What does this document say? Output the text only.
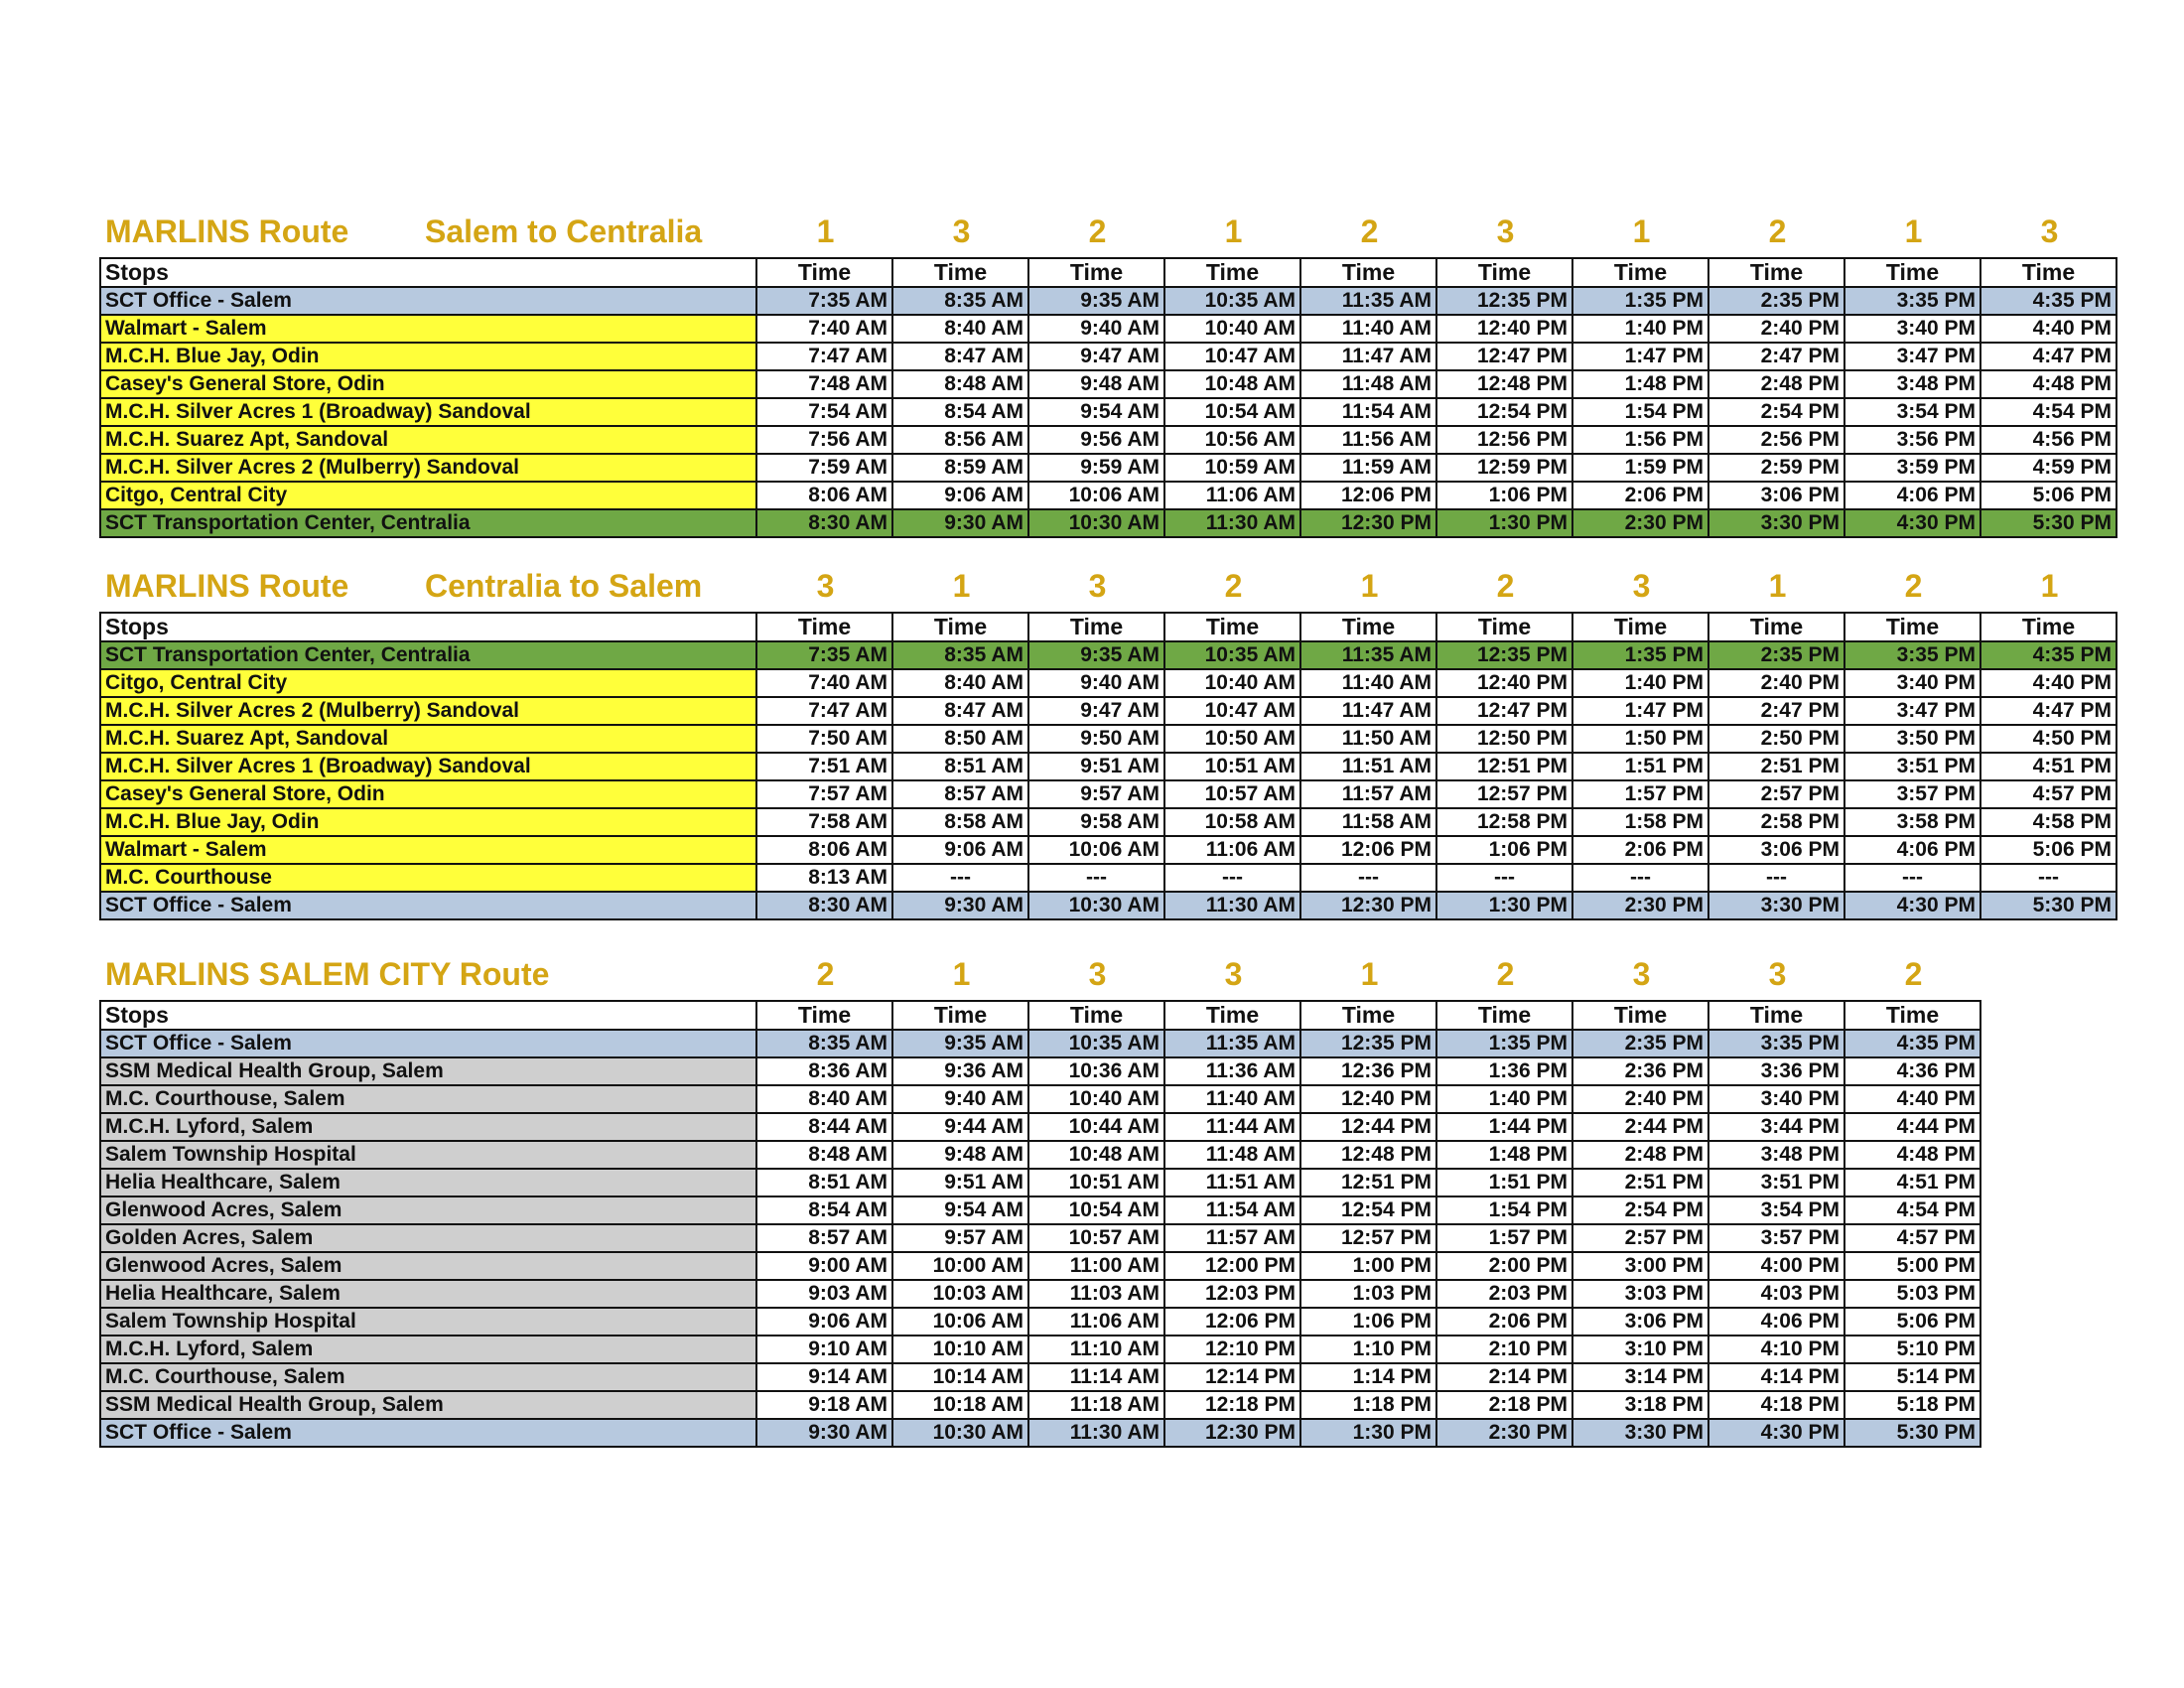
MARLINS Route Salem to Centralia	1	3	2	1	2	3	1	2	1	3
Stops	Time	Time	Time	Time	Time	Time	Time	Time	Time	Time
SCT Office - Salem	7:35 AM	8:35 AM	9:35 AM	10:35 AM	11:35 AM	12:35 PM	1:35 PM	2:35 PM	3:35 PM	4:35 PM
Walmart - Salem	7:40 AM	8:40 AM	9:40 AM	10:40 AM	11:40 AM	12:40 PM	1:40 PM	2:40 PM	3:40 PM	4:40 PM
M.C.H. Blue Jay, Odin	7:47 AM	8:47 AM	9:47 AM	10:47 AM	11:47 AM	12:47 PM	1:47 PM	2:47 PM	3:47 PM	4:47 PM
Casey's General Store, Odin	7:48 AM	8:48 AM	9:48 AM	10:48 AM	11:48 AM	12:48 PM	1:48 PM	2:48 PM	3:48 PM	4:48 PM
M.C.H. Silver Acres 1 (Broadway) Sandoval	7:54 AM	8:54 AM	9:54 AM	10:54 AM	11:54 AM	12:54 PM	1:54 PM	2:54 PM	3:54 PM	4:54 PM
M.C.H. Suarez Apt, Sandoval	7:56 AM	8:56 AM	9:56 AM	10:56 AM	11:56 AM	12:56 PM	1:56 PM	2:56 PM	3:56 PM	4:56 PM
M.C.H. Silver Acres 2 (Mulberry) Sandoval	7:59 AM	8:59 AM	9:59 AM	10:59 AM	11:59 AM	12:59 PM	1:59 PM	2:59 PM	3:59 PM	4:59 PM
Citgo, Central City	8:06 AM	9:06 AM	10:06 AM	11:06 AM	12:06 PM	1:06 PM	2:06 PM	3:06 PM	4:06 PM	5:06 PM
SCT Transportation Center, Centralia	8:30 AM	9:30 AM	10:30 AM	11:30 AM	12:30 PM	1:30 PM	2:30 PM	3:30 PM	4:30 PM	5:30 PM
MARLINS Route Centralia to Salem	3	1	3	2	1	2	3	1	2	1
Stops	Time	Time	Time	Time	Time	Time	Time	Time	Time	Time
SCT Transportation Center, Centralia	7:35 AM	8:35 AM	9:35 AM	10:35 AM	11:35 AM	12:35 PM	1:35 PM	2:35 PM	3:35 PM	4:35 PM
Citgo, Central City	7:40 AM	8:40 AM	9:40 AM	10:40 AM	11:40 AM	12:40 PM	1:40 PM	2:40 PM	3:40 PM	4:40 PM
M.C.H. Silver Acres 2 (Mulberry) Sandoval	7:47 AM	8:47 AM	9:47 AM	10:47 AM	11:47 AM	12:47 PM	1:47 PM	2:47 PM	3:47 PM	4:47 PM
M.C.H. Suarez Apt, Sandoval	7:50 AM	8:50 AM	9:50 AM	10:50 AM	11:50 AM	12:50 PM	1:50 PM	2:50 PM	3:50 PM	4:50 PM
M.C.H. Silver Acres 1 (Broadway) Sandoval	7:51 AM	8:51 AM	9:51 AM	10:51 AM	11:51 AM	12:51 PM	1:51 PM	2:51 PM	3:51 PM	4:51 PM
Casey's General Store, Odin	7:57 AM	8:57 AM	9:57 AM	10:57 AM	11:57 AM	12:57 PM	1:57 PM	2:57 PM	3:57 PM	4:57 PM
M.C.H. Blue Jay, Odin	7:58 AM	8:58 AM	9:58 AM	10:58 AM	11:58 AM	12:58 PM	1:58 PM	2:58 PM	3:58 PM	4:58 PM
Walmart - Salem	8:06 AM	9:06 AM	10:06 AM	11:06 AM	12:06 PM	1:06 PM	2:06 PM	3:06 PM	4:06 PM	5:06 PM
M.C. Courthouse	8:13 AM	---	---	---	---	---	---	---	---	---
SCT Office - Salem	8:30 AM	9:30 AM	10:30 AM	11:30 AM	12:30 PM	1:30 PM	2:30 PM	3:30 PM	4:30 PM	5:30 PM
MARLINS SALEM CITY Route	2	1	3	3	1	2	3	3	2
Stops	Time	Time	Time	Time	Time	Time	Time	Time	Time
SCT Office - Salem	8:35 AM	9:35 AM	10:35 AM	11:35 AM	12:35 PM	1:35 PM	2:35 PM	3:35 PM	4:35 PM
SSM Medical Health Group, Salem	8:36 AM	9:36 AM	10:36 AM	11:36 AM	12:36 PM	1:36 PM	2:36 PM	3:36 PM	4:36 PM
M.C. Courthouse, Salem	8:40 AM	9:40 AM	10:40 AM	11:40 AM	12:40 PM	1:40 PM	2:40 PM	3:40 PM	4:40 PM
M.C.H. Lyford, Salem	8:44 AM	9:44 AM	10:44 AM	11:44 AM	12:44 PM	1:44 PM	2:44 PM	3:44 PM	4:44 PM
Salem Township Hospital	8:48 AM	9:48 AM	10:48 AM	11:48 AM	12:48 PM	1:48 PM	2:48 PM	3:48 PM	4:48 PM
Helia Healthcare, Salem	8:51 AM	9:51 AM	10:51 AM	11:51 AM	12:51 PM	1:51 PM	2:51 PM	3:51 PM	4:51 PM
Glenwood Acres, Salem	8:54 AM	9:54 AM	10:54 AM	11:54 AM	12:54 PM	1:54 PM	2:54 PM	3:54 PM	4:54 PM
Golden Acres, Salem	8:57 AM	9:57 AM	10:57 AM	11:57 AM	12:57 PM	1:57 PM	2:57 PM	3:57 PM	4:57 PM
Glenwood Acres, Salem	9:00 AM	10:00 AM	11:00 AM	12:00 PM	1:00 PM	2:00 PM	3:00 PM	4:00 PM	5:00 PM
Helia Healthcare, Salem	9:03 AM	10:03 AM	11:03 AM	12:03 PM	1:03 PM	2:03 PM	3:03 PM	4:03 PM	5:03 PM
Salem Township Hospital	9:06 AM	10:06 AM	11:06 AM	12:06 PM	1:06 PM	2:06 PM	3:06 PM	4:06 PM	5:06 PM
M.C.H. Lyford, Salem	9:10 AM	10:10 AM	11:10 AM	12:10 PM	1:10 PM	2:10 PM	3:10 PM	4:10 PM	5:10 PM
M.C. Courthouse, Salem	9:14 AM	10:14 AM	11:14 AM	12:14 PM	1:14 PM	2:14 PM	3:14 PM	4:14 PM	5:14 PM
SSM Medical Health Group, Salem	9:18 AM	10:18 AM	11:18 AM	12:18 PM	1:18 PM	2:18 PM	3:18 PM	4:18 PM	5:18 PM
SCT Office - Salem	9:30 AM	10:30 AM	11:30 AM	12:30 PM	1:30 PM	2:30 PM	3:30 PM	4:30 PM	5:30 PM
